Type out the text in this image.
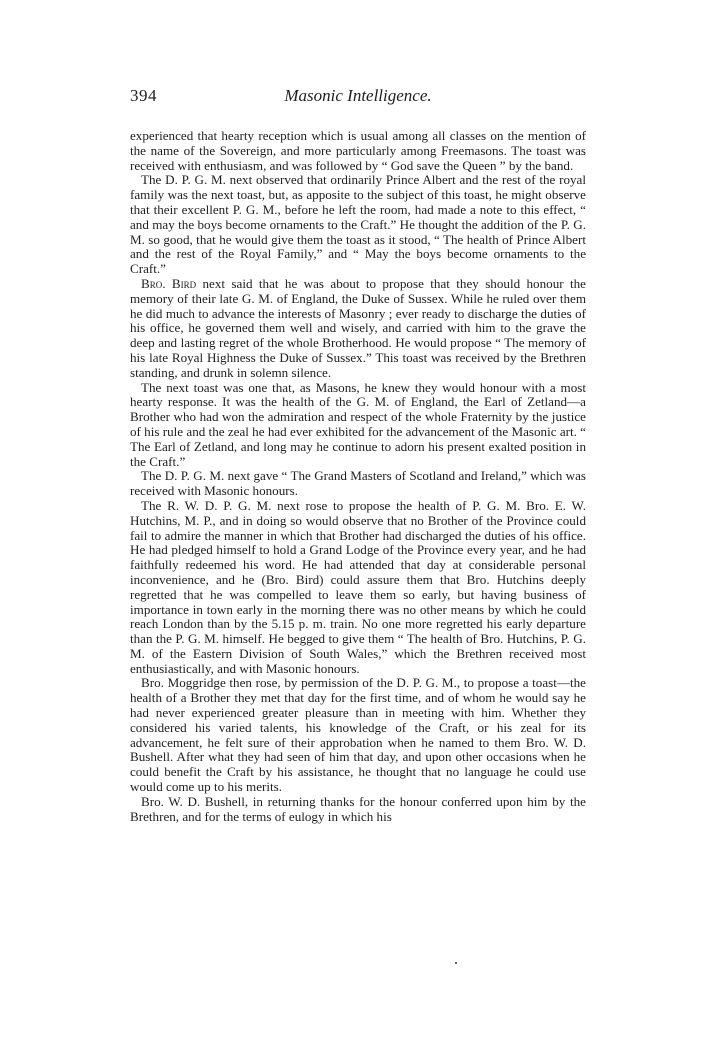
394	Masonic Intelligence.

experienced that hearty reception which is usual among all classes on the mention of the name of the Sovereign, and more particularly among Freemasons. The toast was received with enthusiasm, and was followed by “ God save the Queen ” by the band.

The D. P. G. M. next observed that ordinarily Prince Albert and the rest of the royal family was the next toast, but, as apposite to the subject of this toast, he might observe that their excellent P. G. M., before he left the room, had made a note to this effect, “ and may the boys become ornaments to the Craft.” He thought the addition of the P. G. M. so good, that he would give them the toast as it stood, “ The health of Prince Albert and the rest of the Royal Family,” and “ May the boys become ornaments to the Craft.”

Bro. Bird next said that he was about to propose that they should honour the memory of their late G. M. of England, the Duke of Sussex. While he ruled over them he did much to advance the interests of Masonry ; ever ready to discharge the duties of his office, he governed them well and wisely, and carried with him to the grave the deep and lasting regret of the whole Brotherhood. He would propose “ The memory of his late Royal Highness the Duke of Sussex.” This toast was received by the Brethren standing, and drunk in solemn silence.

The next toast was one that, as Masons, he knew they would honour with a most hearty response. It was the health of the G. M. of England, the Earl of Zetland—a Brother who had won the admiration and respect of the whole Fraternity by the justice of his rule and the zeal he had ever exhibited for the advancement of the Masonic art. “ The Earl of Zetland, and long may he continue to adorn his present exalted position in the Craft.”

The D. P. G. M. next gave “ The Grand Masters of Scotland and Ireland,” which was received with Masonic honours.

The R. W. D. P. G. M. next rose to propose the health of P. G. M. Bro. E. W. Hutchins, M. P., and in doing so would observe that no Brother of the Province could fail to admire the manner in which that Brother had discharged the duties of his office. He had pledged himself to hold a Grand Lodge of the Province every year, and he had faithfully redeemed his word. He had attended that day at considerable personal inconvenience, and he (Bro. Bird) could assure them that Bro. Hutchins deeply regretted that he was compelled to leave them so early, but having business of importance in town early in the morning there was no other means by which he could reach London than by the 5.15 p. m. train. No one more regretted his early departure than the P. G. M. himself. He begged to give them “ The health of Bro. Hutchins, P. G. M. of the Eastern Division of South Wales,” which the Brethren received most enthusiastically, and with Masonic honours.

Bro. Moggridge then rose, by permission of the D. P. G. M., to propose a toast—the health of a Brother they met that day for the first time, and of whom he would say he had never experienced greater pleasure than in meeting with him. Whether they considered his varied talents, his knowledge of the Craft, or his zeal for its advancement, he felt sure of their approbation when he named to them Bro. W. D. Bushell. After what they had seen of him that day, and upon other occasions when he could benefit the Craft by his assistance, he thought that no language he could use would come up to his merits.

Bro. W. D. Bushell, in returning thanks for the honour conferred upon him by the Brethren, and for the terms of eulogy in which his
